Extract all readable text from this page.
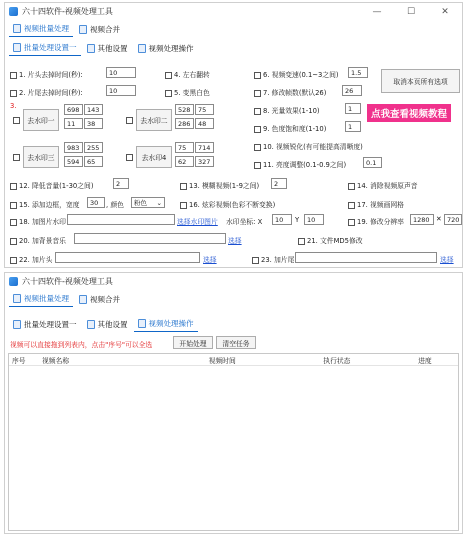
六十四软件-视频处理工具	—	☐	✕
视频批量处理	视频合并
批量处理设置一	其他设置	视频处理操作
1. 片头去掉时间(秒):	10	4. 左右翻转	6. 视频变速(0.1~3之间)	1.5
取消本页所有选项
2. 片尾去掉时间(秒):	10	5. 变黑白色	7. 修改帧数(默认26)	26
3.
去水印一
698	143
11	38	去水印二
528	75
286	48
去水印三
983	255
594	65	去水印4
75	714
62	327
8. 光量效果(1-10)	1	点我查看视频教程
9. 色度饱和度(1-10)	1
10. 视频锐化(有可能提高清晰度)
11. 亮度调整(0.1-0.9之间)	0.1
12. 降低音量(1-30之间)	2	13. 模糊视频(1-9之间)	2	14. 消除视频原声音
15. 添加边框，宽度	30	, 颜色	粉色 ⌄	16. 炫彩视频(色彩不断变换)	17. 视频画网格
18. 加图片水印	选择水印图片 水印坐标: X	10	Y	10	19. 修改分辨率	1280 ✕ 720
20. 加背景音乐	选择	21. 文件MD5修改
22. 加片头	选择	23. 加片尾	选择
六十四软件-视频处理工具
视频批量处理	视频合并
批量处理设置一	其他设置	视频处理操作
视频可以直接拖到列表内，点击"序号"可以全选	开始处理	清空任务
序号	视频名称	视频时间	执行状态	进度
